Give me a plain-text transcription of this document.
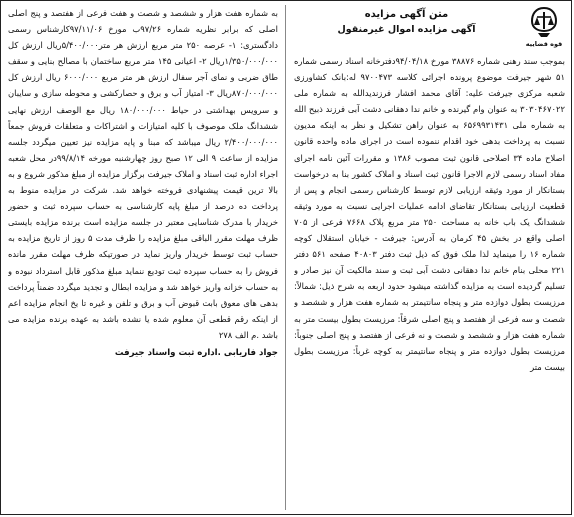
قوه قضاییه
متن آگهی مزایده
آگهی مزایده اموال غیرمنقول

بموجب سند رهنی شماره ۳۸۸۷۶ مورخ ۹۴/۰۴/۱۸دفترخانه اسناد رسمی شماره ۵۱ شهر جیرفت موضوع پرونده اجرائی کلاسه ۹۷۰۰۴۷۳ له:بانک کشاورزی شعبه مرکزی جیرفت علیه: آقای محمد افشار فرزندیدالله به شماره ملی ۳۰۳۰۴۶۷۰۲۲ به عنوان وام گیرنده و خانم ندا دهقانی دشت آبی فرزند ذبیح الله به شماره ملی ۶۵۶۹۹۳۱۴۳۱ به عنوان راهن تشکیل و نظر به اینکه مدیون نسبت به پرداخت بدهی خود اقدام ننموده است در اجرای ماده واحده قانون اصلاح ماده ۳۴ اصلاحی قانون ثبت مصوب ۱۳۸۶ و مقررات آئین نامه اجرای مفاد اسناد رسمی لازم الاجرا قانون ثبت اسناد و املاک کشور بنا به درخواست بستانکار از مورد وثیقه ارزیابی لازم توسط کارشناس رسمی انجام و پس از قطعیت ارزیابی بستانکار تقاضای ادامه عملیات اجرایی نسبت به مورد وثیقه ششدانگ یک باب خانه به مساحت ۲۵۰ متر مربع پلاک ۷۶۶۸ فرعی از ۷۰۵ اصلی واقع در بخش ۴۵ کرمان به آدرس: جیرفت - خیابان استقلال کوچه شماره ۱۶ را مینماید لذا ملک فوق که ذیل ثبت دفتر ۴۰۸۰۳ صفحه ۵۶۱ دفتر ۲۲۱ محلی بنام خانم ندا دهقانی دشت آبی ثبت و سند مالکیت آن نیز صادر و تسلیم گردیده است به مزایده گذاشته میشود حدود اربعه به شرح ذیل: شمالاً: مرزیست بطول دوازده متر و پنجاه سانتیمتر به شماره هفت هزار و ششصد و شصت و سه فرعی از هفتصد و پنج اصلی شرقاً: مرزیست بطول بیست متر به شماره هفت هزار و ششصد و شصت و نه فرعی از هفتصد و پنج اصلی جنوباً: مرزیست بطول دوازده متر و پنجاه سانتیمتر به کوچه غرباً: مرزیست بطول بیست متر

به شماره هفت هزار و ششصد و شصت و هفت فرعی از هفتصد و پنج اصلی اصلی که برابر نظریه شماره ۹۷/۲۶ب مورخ ۹۷/۱۱/۰۶کارشناس رسمی دادگستری: ۱- عرصه ۲۵۰ متر مربع ارزش هر متر۵/۴۰۰/۰۰۰ریال ارزش کل ۱/۳۵۰/۰۰۰/۰۰۰ریال ۲- اعیانی ۱۴۵ متر مربع ساختمان با مصالح بنایی و سقف طاق ضربی و نمای آجر سفال ارزش هر متر مربع ۶۰۰۰/۰۰۰ ریال ارزش کل ۸۷۰/۰۰۰/۰۰۰ریال ۳- امتیاز آب و برق و حصارکشی و محوطه سازی و سایبان و سرویس بهداشتی در حیاط ۱۸۰/۰۰۰/۰۰۰ ریال مع الوصف ارزش نهایی ششدانگ ملک موصوف با کلیه امتیازات و اشتراکات و متعلقات فروش جمعاً ۲/۴۰۰/۰۰۰/۰۰۰ ریال میباشد که مبنا و پایه مزایده نیز تعیین میگردد جلسه مزایده از ساعت ۹ الی ۱۲ صبح روز چهارشنبه مورخه ۹۹/۸/۱۴در محل شعبه اجراء اداره ثبت اسناد و املاک جیرفت برگزار مزایده از مبلغ مذکور شروع و به بالا ترین قیمت پیشنهادی فروخته خواهد شد. شرکت در مزایده منوط به پرداخت ده درصد از مبلغ پایه کارشناسی به حساب سپرده ثبت و حضور خریدار با مدرک شناسایی معتبر در جلسه مزایده است برنده مزایده بایستی ظرف مهلت مقرر الباقی مبلغ مزایده را ظرف مدت ۵ روز از تاریخ مزایده به حساب ثبت توسط خریدار واریز نماید در صورتیکه ظرف مهلت مقرر مانده فروش را به حساب سپرده ثبت تودیع ننماید مبلغ مذکور قابل استرداد نبوده و به حساب خزانه واریز خواهد شد و مزایده ابطال و تجدید میگردد ضمناً پرداخت بدهی های معوق بابت قبوض آب و برق و تلفن و غیره تا یخ انجام مزایده اعم از اینکه رقم قطعی آن معلوم شده یا نشده باشد به عهده برنده مزایده می باشد .م الف ۲۷۸

جواد فاریابی .اداره ثبت واسناد جیرفت
